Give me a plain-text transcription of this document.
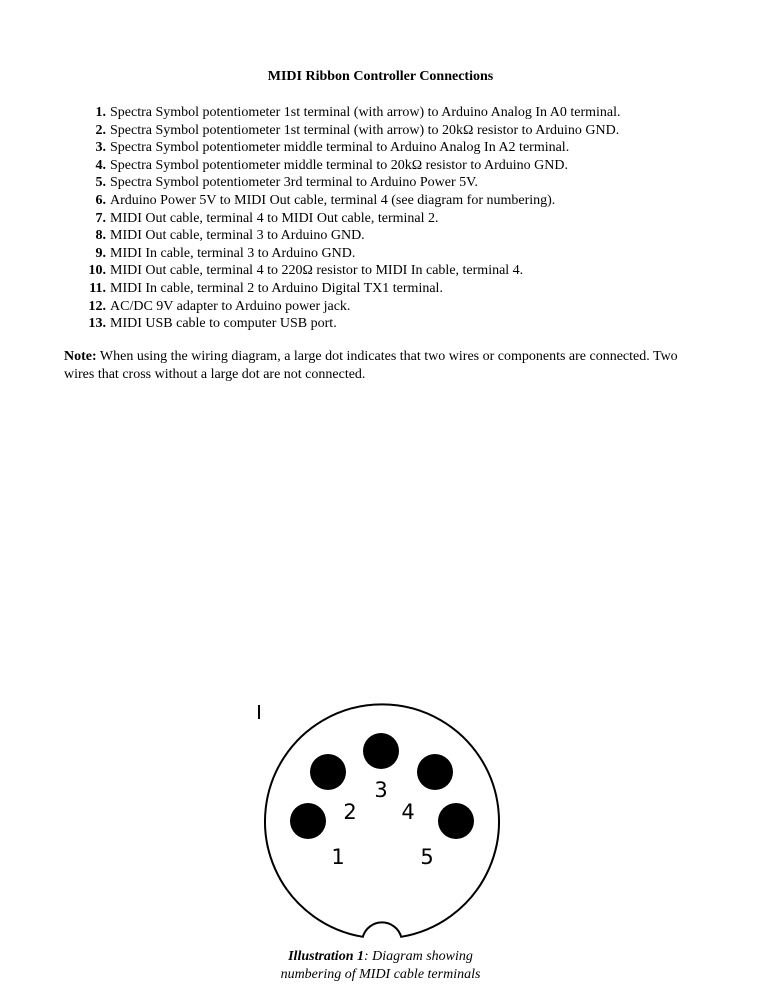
MIDI Ribbon Controller Connections
1. Spectra Symbol potentiometer 1st terminal (with arrow) to Arduino Analog In A0 terminal.
2. Spectra Symbol potentiometer 1st terminal (with arrow) to 20kΩ resistor to Arduino GND.
3. Spectra Symbol potentiometer middle terminal to Arduino Analog In A2 terminal.
4. Spectra Symbol potentiometer middle terminal to 20kΩ resistor to Arduino GND.
5. Spectra Symbol potentiometer 3rd terminal to Arduino Power 5V.
6. Arduino Power 5V to MIDI Out cable, terminal 4 (see diagram for numbering).
7. MIDI Out cable, terminal 4 to MIDI Out cable, terminal 2.
8. MIDI Out cable, terminal 3 to Arduino GND.
9. MIDI In cable, terminal 3 to Arduino GND.
10. MIDI Out cable, terminal 4 to 220Ω resistor to MIDI In cable, terminal 4.
11. MIDI In cable, terminal 2 to Arduino Digital TX1 terminal.
12. AC/DC 9V adapter to Arduino power jack.
13. MIDI USB cable to computer USB port.

Note: When using the wiring diagram, a large dot indicates that two wires or components are connected. Two wires that cross without a large dot are not connected.

3
2 4
1	5
Illustration 1: Diagram showing
numbering of MIDI cable terminals
